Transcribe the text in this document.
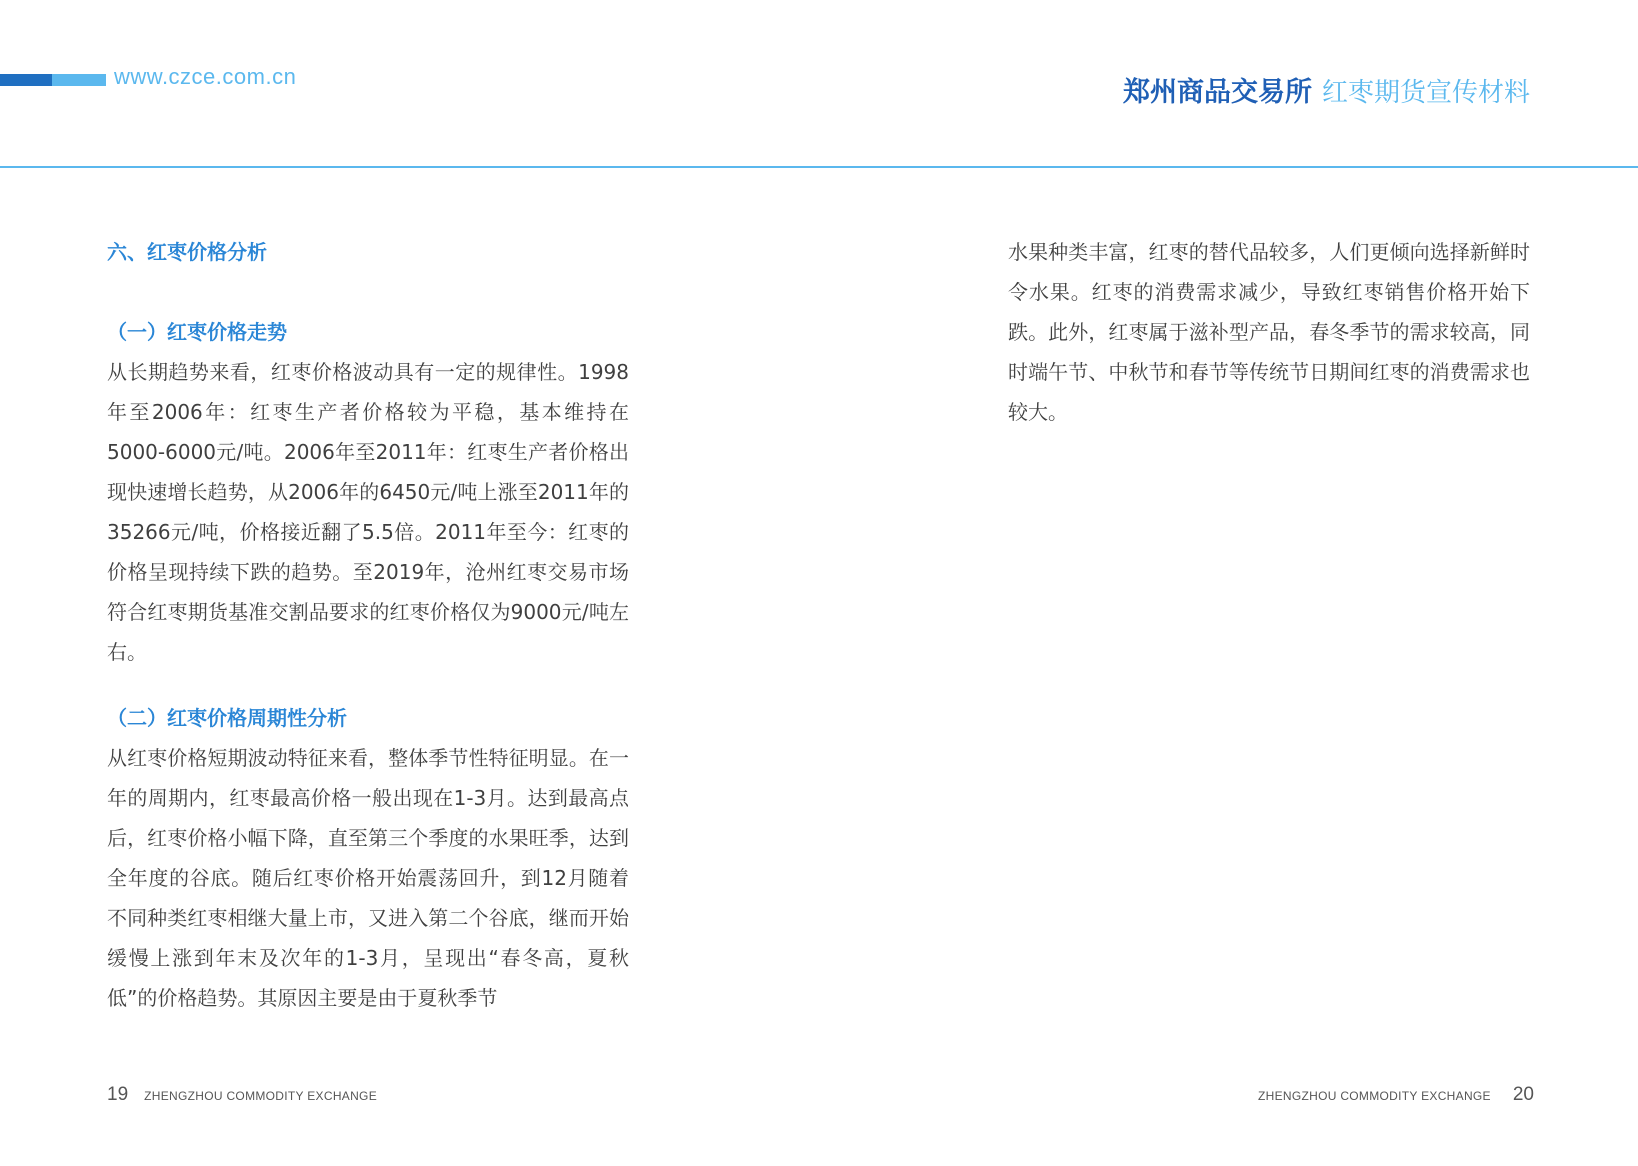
www.czce.com.cn
郑州商品交易所 红枣期货宣传材料
六、红枣价格分析
（一）红枣价格走势

从长期趋势来看，红枣价格波动具有一定的规律性。1998年至2006年：红枣生产者价格较为平稳，基本维持在5000-6000元/吨。2006年至2011年：红枣生产者价格出现快速增长趋势，从2006年的6450元/吨上涨至2011年的35266元/吨，价格接近翻了5.5倍。2011年至今：红枣的价格呈现持续下跌的趋势。至2019年，沧州红枣交易市场符合红枣期货基准交割品要求的红枣价格仅为9000元/吨左右。

（二）红枣价格周期性分析

从红枣价格短期波动特征来看，整体季节性特征明显。在一年的周期内，红枣最高价格一般出现在1-3月。达到最高点后，红枣价格小幅下降，直至第三个季度的水果旺季，达到全年度的谷底。随后红枣价格开始震荡回升，到12月随着不同种类红枣相继大量上市，又进入第二个谷底，继而开始缓慢上涨到年末及次年的1-3月，呈现出“春冬高，夏秋低”的价格趋势。其原因主要是由于夏秋季节

水果种类丰富，红枣的替代品较多，人们更倾向选择新鲜时令水果。红枣的消费需求减少，导致红枣销售价格开始下跌。此外，红枣属于滋补型产品，春冬季节的需求较高，同时端午节、中秋节和春节等传统节日期间红枣的消费需求也较大。

19 ZHENGZHOU COMMODITY EXCHANGE	ZHENGZHOU COMMODITY EXCHANGE 20
